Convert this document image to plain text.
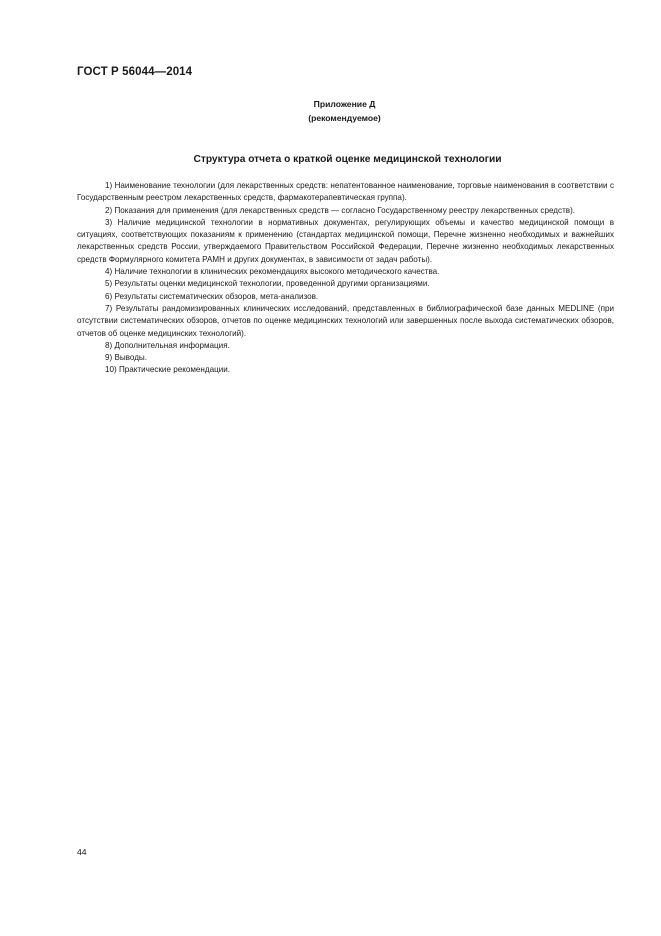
ГОСТ Р 56044—2014
Приложение Д
(рекомендуемое)
Структура отчета о краткой оценке медицинской технологии

1) Наименование технологии (для лекарственных средств: непатентованное наименование, торговые наименования в соответствии с Государственным реестром лекарственных средств, фармакотерапевтическая группа).

2) Показания для применения (для лекарственных средств — согласно Государственному реестру лекарственных средств).

3) Наличие медицинской технологии в нормативных документах, регулирующих объемы и качество медицинской помощи в ситуациях, соответствующих показаниям к применению (стандартах медицинской помощи, Перечне жизненно необходимых и важнейших лекарственных средств России, утверждаемого Правительством Российской Федерации, Перечне жизненно необходимых лекарственных средств Формулярного комитета РАМН и других документах, в зависимости от задач работы).

4) Наличие технологии в клинических рекомендациях высокого методического качества.

5) Результаты оценки медицинской технологии, проведенной другими организациями.

6) Результаты систематических обзоров, мета-анализов.

7) Результаты рандомизированных клинических исследований, представленных в библиографической базе данных MEDLINE (при отсутствии систематических обзоров, отчетов по оценке медицинских технологий или завершенных после выхода систематических обзоров, отчетов об оценке медицинских технологий).

8) Дополнительная информация.

9) Выводы.

10) Практические рекомендации.

44
